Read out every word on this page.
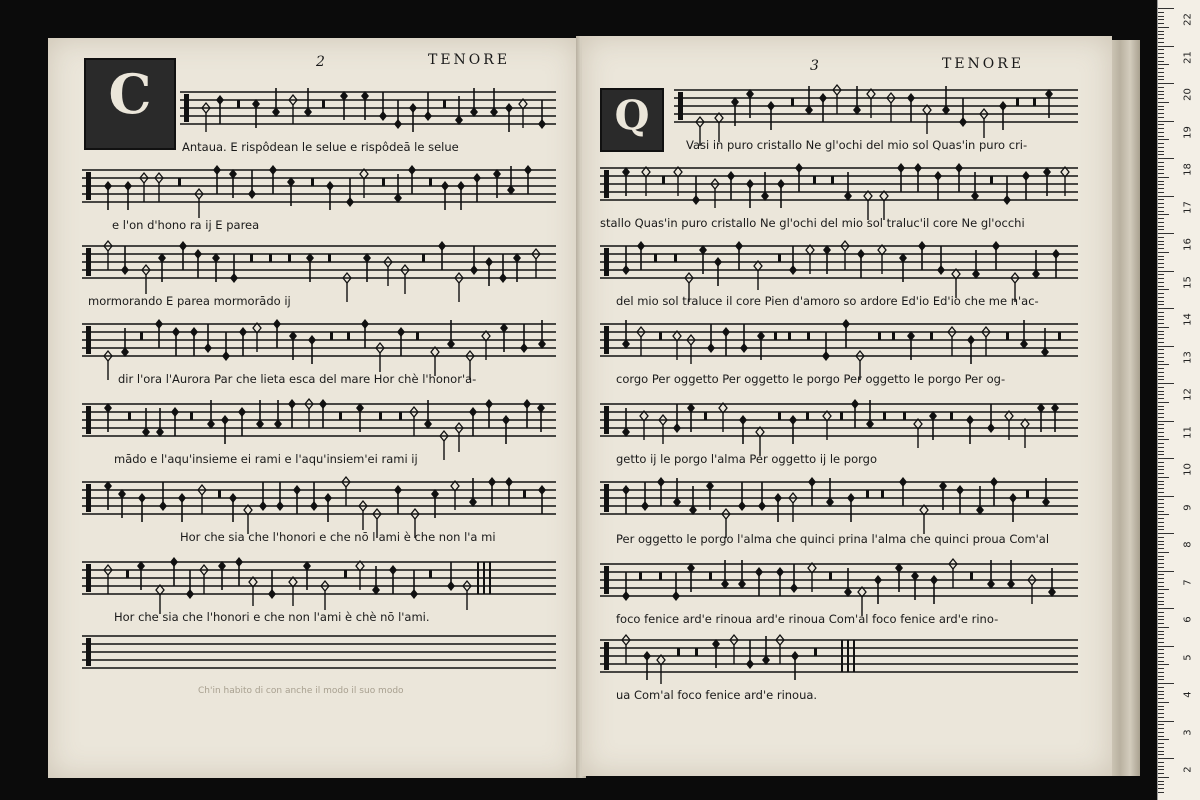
C	2	TENORE
Antaua. E rispôdean le selue e rispôdeā le selue
e l'on d'hono ra ij E parea
mormorando E parea mormorādo ij
dir l'ora l'Aurora Par che lieta esca del mare Hor chè l'honor'a-
mādo e l'aqu'insieme ei rami e l'aqu'insiem'ei rami ij
Hor che sia che l'honori e che nō l'ami è che non l'a mi
Hor che sia che l'honori e che non l'ami è chè nō l'ami.
Ch'in habito di con anche il modo il suo modo
Q
3	TENORE
Vasi in puro cristallo Ne gl'ochi del mio sol Quas'in puro cri-
stallo Quas'in puro cristallo Ne gl'ochi del mio sol traluc'il core Ne gl'occhi
del mio sol traluce il core Pien d'amoro so ardore Ed'io Ed'io che me n'ac-
corgo Per oggetto Per oggetto le porgo Per oggetto le porgo Per og-
getto ij le porgo l'alma Per oggetto ij le porgo
Per oggetto le porgo l'alma che quinci prina l'alma che quinci proua Com'al
foco fenice ard'e rinoua ard'e rinoua Com'al foco fenice ard'e rino-
ua Com'al foco fenice ard'e rinoua.
22
21
20
19
18
17
16
15
14
13
12
11
10
9
8
7
6
5
4
3
2
